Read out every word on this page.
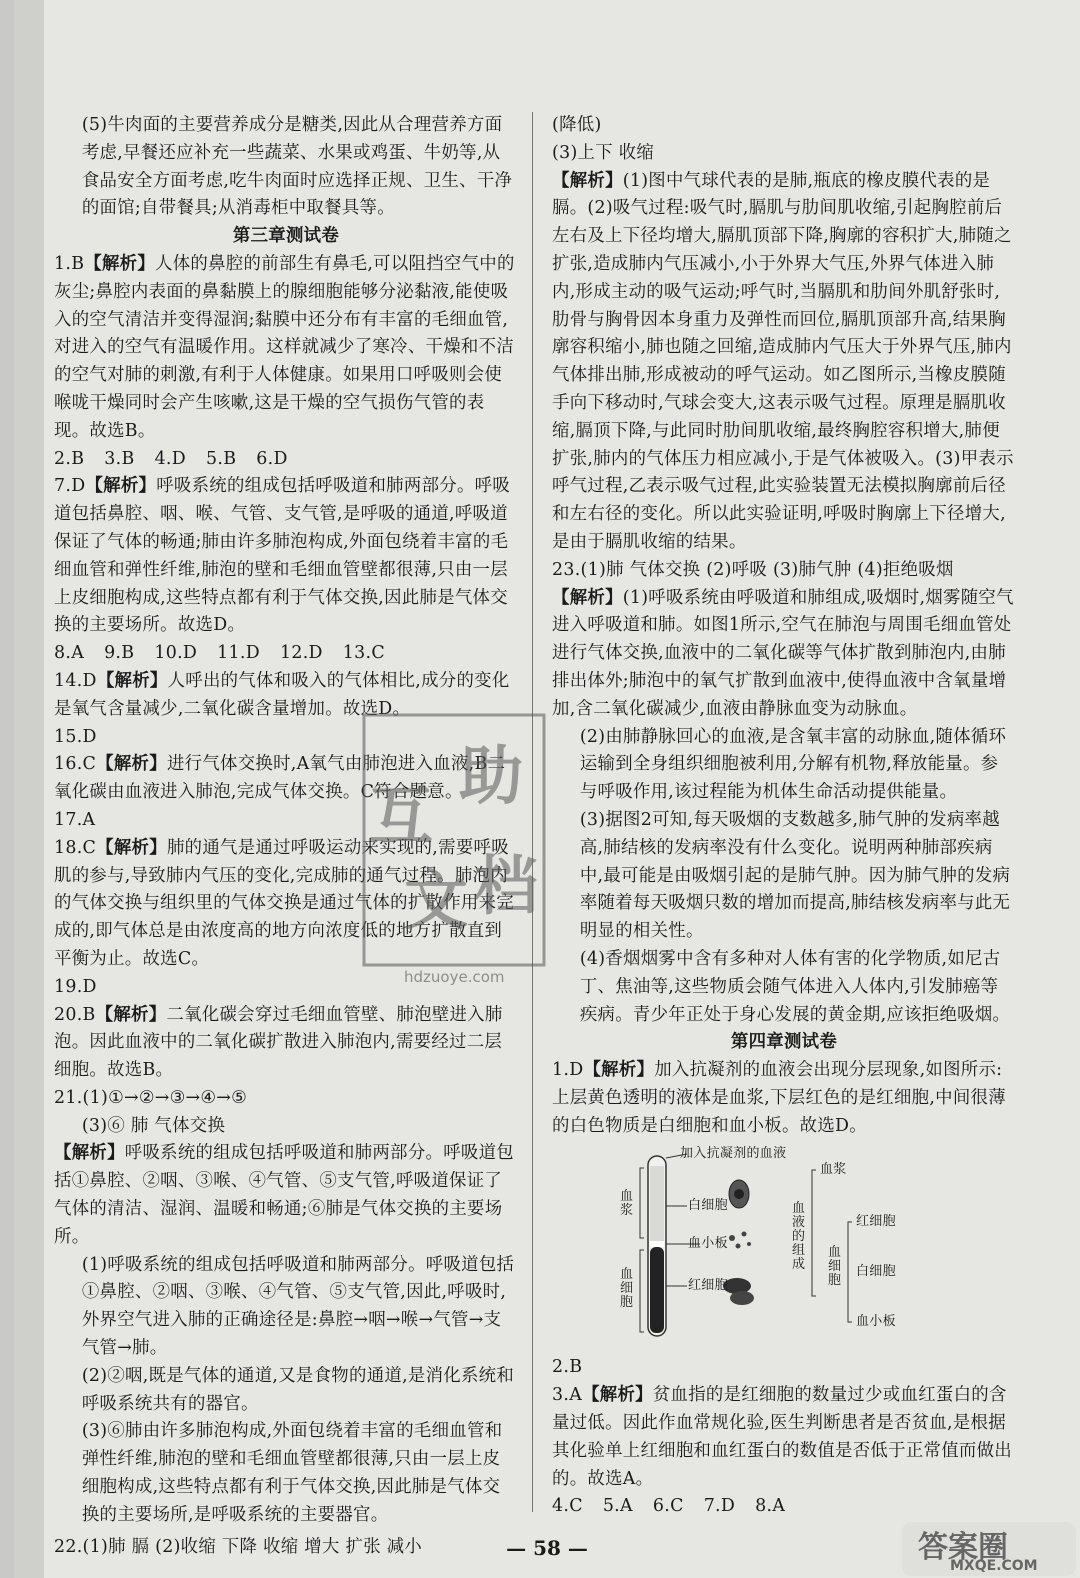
(5)牛肉面的主要营养成分是糖类,因此从合理营养方面考虑,早餐还应补充一些蔬菜、水果或鸡蛋、牛奶等,从食品安全方面考虑,吃牛肉面时应选择正规、卫生、干净的面馆;自带餐具;从消毒柜中取餐具等。

第三章测试卷

1.B【解析】人体的鼻腔的前部生有鼻毛,可以阻挡空气中的灰尘;鼻腔内表面的鼻黏膜上的腺细胞能够分泌黏液,能使吸入的空气清洁并变得湿润;黏膜中还分布有丰富的毛细血管,对进入的空气有温暖作用。这样就减少了寒冷、干燥和不洁的空气对肺的刺激,有利于人体健康。如果用口呼吸则会使喉咙干燥同时会产生咳嗽,这是干燥的空气损伤气管的表现。故选B。

2.B 3.B 4.D 5.B 6.D

7.D【解析】呼吸系统的组成包括呼吸道和肺两部分。呼吸道包括鼻腔、咽、喉、气管、支气管,是呼吸的通道,呼吸道保证了气体的畅通;肺由许多肺泡构成,外面包绕着丰富的毛细血管和弹性纤维,肺泡的壁和毛细血管壁都很薄,只由一层上皮细胞构成,这些特点都有利于气体交换,因此肺是气体交换的主要场所。故选D。

8.A 9.B 10.D 11.D 12.D 13.C

14.D【解析】人呼出的气体和吸入的气体相比,成分的变化是氧气含量减少,二氧化碳含量增加。故选D。

15.D

16.C【解析】进行气体交换时,A氧气由肺泡进入血液,B二氧化碳由血液进入肺泡,完成气体交换。C符合题意。

17.A

18.C【解析】肺的通气是通过呼吸运动来实现的,需要呼吸肌的参与,导致肺内气压的变化,完成肺的通气过程。肺泡内的气体交换与组织里的气体交换是通过气体的扩散作用来完成的,即气体总是由浓度高的地方向浓度低的地方扩散直到平衡为止。故选C。

19.D

20.B【解析】二氧化碳会穿过毛细血管壁、肺泡壁进入肺泡。因此血液中的二氧化碳扩散进入肺泡内,需要经过二层细胞。故选B。

21.(1)①→②→③→④→⑤

(3)⑥ 肺 气体交换

【解析】呼吸系统的组成包括呼吸道和肺两部分。呼吸道包括①鼻腔、②咽、③喉、④气管、⑤支气管,呼吸道保证了气体的清洁、湿润、温暖和畅通;⑥肺是气体交换的主要场所。

(1)呼吸系统的组成包括呼吸道和肺两部分。呼吸道包括①鼻腔、②咽、③喉、④气管、⑤支气管,因此,呼吸时,外界空气进入肺的正确途径是:鼻腔→咽→喉→气管→支气管→肺。

(2)②咽,既是气体的通道,又是食物的通道,是消化系统和呼吸系统共有的器官。

(3)⑥肺由许多肺泡构成,外面包绕着丰富的毛细血管和弹性纤维,肺泡的壁和毛细血管壁都很薄,只由一层上皮细胞构成,这些特点都有利于气体交换,因此肺是气体交换的主要场所,是呼吸系统的主要器官。

22.(1)肺 膈 (2)收缩 下降 收缩 增大 扩张 减小

(降低)

(3)上下 收缩

【解析】(1)图中气球代表的是肺,瓶底的橡皮膜代表的是膈。(2)吸气过程:吸气时,膈肌与肋间肌收缩,引起胸腔前后左右及上下径均增大,膈肌顶部下降,胸廓的容积扩大,肺随之扩张,造成肺内气压减小,小于外界大气压,外界气体进入肺内,形成主动的吸气运动;呼气时,当膈肌和肋间外肌舒张时,肋骨与胸骨因本身重力及弹性而回位,膈肌顶部升高,结果胸廓容积缩小,肺也随之回缩,造成肺内气压大于外界气压,肺内气体排出肺,形成被动的呼气运动。如乙图所示,当橡皮膜随手向下移动时,气球会变大,这表示吸气过程。原理是膈肌收缩,膈顶下降,与此同时肋间肌收缩,最终胸腔容积增大,肺便扩张,肺内的气体压力相应减小,于是气体被吸入。(3)甲表示呼气过程,乙表示吸气过程,此实验装置无法模拟胸廓前后径和左右径的变化。所以此实验证明,呼吸时胸廓上下径增大,是由于膈肌收缩的结果。

23.(1)肺 气体交换 (2)呼吸 (3)肺气肿 (4)拒绝吸烟

【解析】(1)呼吸系统由呼吸道和肺组成,吸烟时,烟雾随空气进入呼吸道和肺。如图1所示,空气在肺泡与周围毛细血管处进行气体交换,血液中的二氧化碳等气体扩散到肺泡内,由肺排出体外;肺泡中的氧气扩散到血液中,使得血液中含氧量增加,含二氧化碳减少,血液由静脉血变为动脉血。

(2)由肺静脉回心的血液,是含氧丰富的动脉血,随体循环运输到全身组织细胞被利用,分解有机物,释放能量。参与呼吸作用,该过程能为机体生命活动提供能量。

(3)据图2可知,每天吸烟的支数越多,肺气肿的发病率越高,肺结核的发病率没有什么变化。说明两种肺部疾病中,最可能是由吸烟引起的是肺气肿。因为肺气肿的发病率随着每天吸烟只数的增加而提高,肺结核发病率与此无明显的相关性。

(4)香烟烟雾中含有多种对人体有害的化学物质,如尼古丁、焦油等,这些物质会随气体进入人体内,引发肺癌等疾病。青少年正处于身心发展的黄金期,应该拒绝吸烟。

第四章测试卷

1.D【解析】加入抗凝剂的血液会出现分层现象,如图所示:上层黄色透明的液体是血浆,下层红色的是红细胞,中间很薄的白色物质是白细胞和血小板。故选D。

加入抗凝剂的血液
血浆
血细胞
白细胞
血小板
红细胞
血液的组成
血浆
血细胞
红细胞
白细胞
血小板

2.B

3.A【解析】贫血指的是红细胞的数量过少或血红蛋白的含量过低。因此作血常规化验,医生判断患者是否贫血,是根据其化验单上红细胞和血红蛋白的数值是否低于正常值而做出的。故选A。

4.C 5.A 6.C 7.D 8.A

互
助
文 档
hdzuoye.com
— 58 —	答案圈
MXQE.COM
